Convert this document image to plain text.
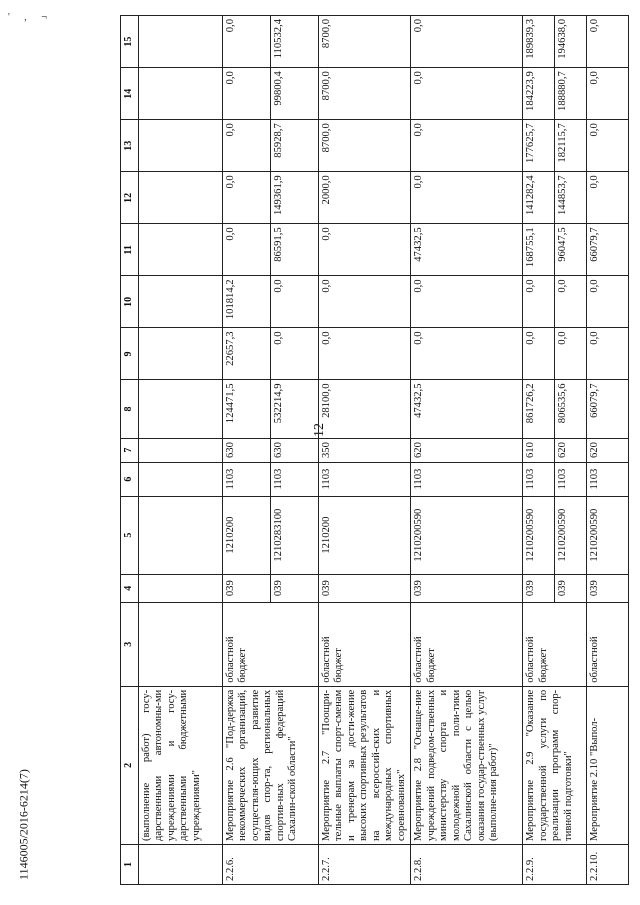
' , ¬
12
1146005/2016-6214(7)	1	2	3	4	5	6	7	8	9	10	11	12	13	14	15
	(выполнение работ) госу-дарственными автономны-ми учреждениями и госу-дарственными бюджетными учреждениями"													
2.2.6.	Мероприятие 2.6 "Под-держка некоммерческих организаций, осуществля-ющих развитие видов спор-та, региональных спортив-ных федераций Сахалин-ской области"	областной бюджет	039	1210200	1103	630	124471,5	22657,3	101814,2	0,0	0,0	0,0	0,0	0,0
			039	1210283100	1103	630	532214,9	0,0	0,0	86591,5	149361,9	85928,7	99800,4	110532,4
2.2.7.	Мероприятие 2.7 "Поощри-тельные выплаты спорт-сменам и тренерам за дости-жение высоких спортивных результатов на всероссий-ских и международных спортивных соревнованиях"	областной бюджет	039	1210200	1103	350	28100,0	0,0	0,0	0,0	2000,0	8700,0	8700,0	8700,0
2.2.8.	Мероприятие 2.8 "Оснаще-ние учреждений подведом-ственных министерству спорта и молодежной поли-тики Сахалинской области с целью оказания государ-ственных услуг (выполне-ния работ)"	областной бюджет	039	1210200590	1103	620	47432,5	0,0	0,0	47432,5	0,0	0,0	0,0	0,0
2.2.9.	Мероприятие 2.9 "Оказание государственной услуги по реализации программ спор-тивной подготовки"	областной бюджет	039	1210200590	1103	610	861726,2	0,0	0,0	168755,1	141282,4	177625,7	184223,9	189839,3
			039	1210200590	1103	620	806535,6	0,0	0,0	96047,5	144853,7	182115,7	188880,7	194638,0
2.2.10.	Мероприятие 2.10 "Выпол-	областной	039	1210200590	1103	620	66079,7	0,0	0,0	66079,7	0,0	0,0	0,0	0,0
